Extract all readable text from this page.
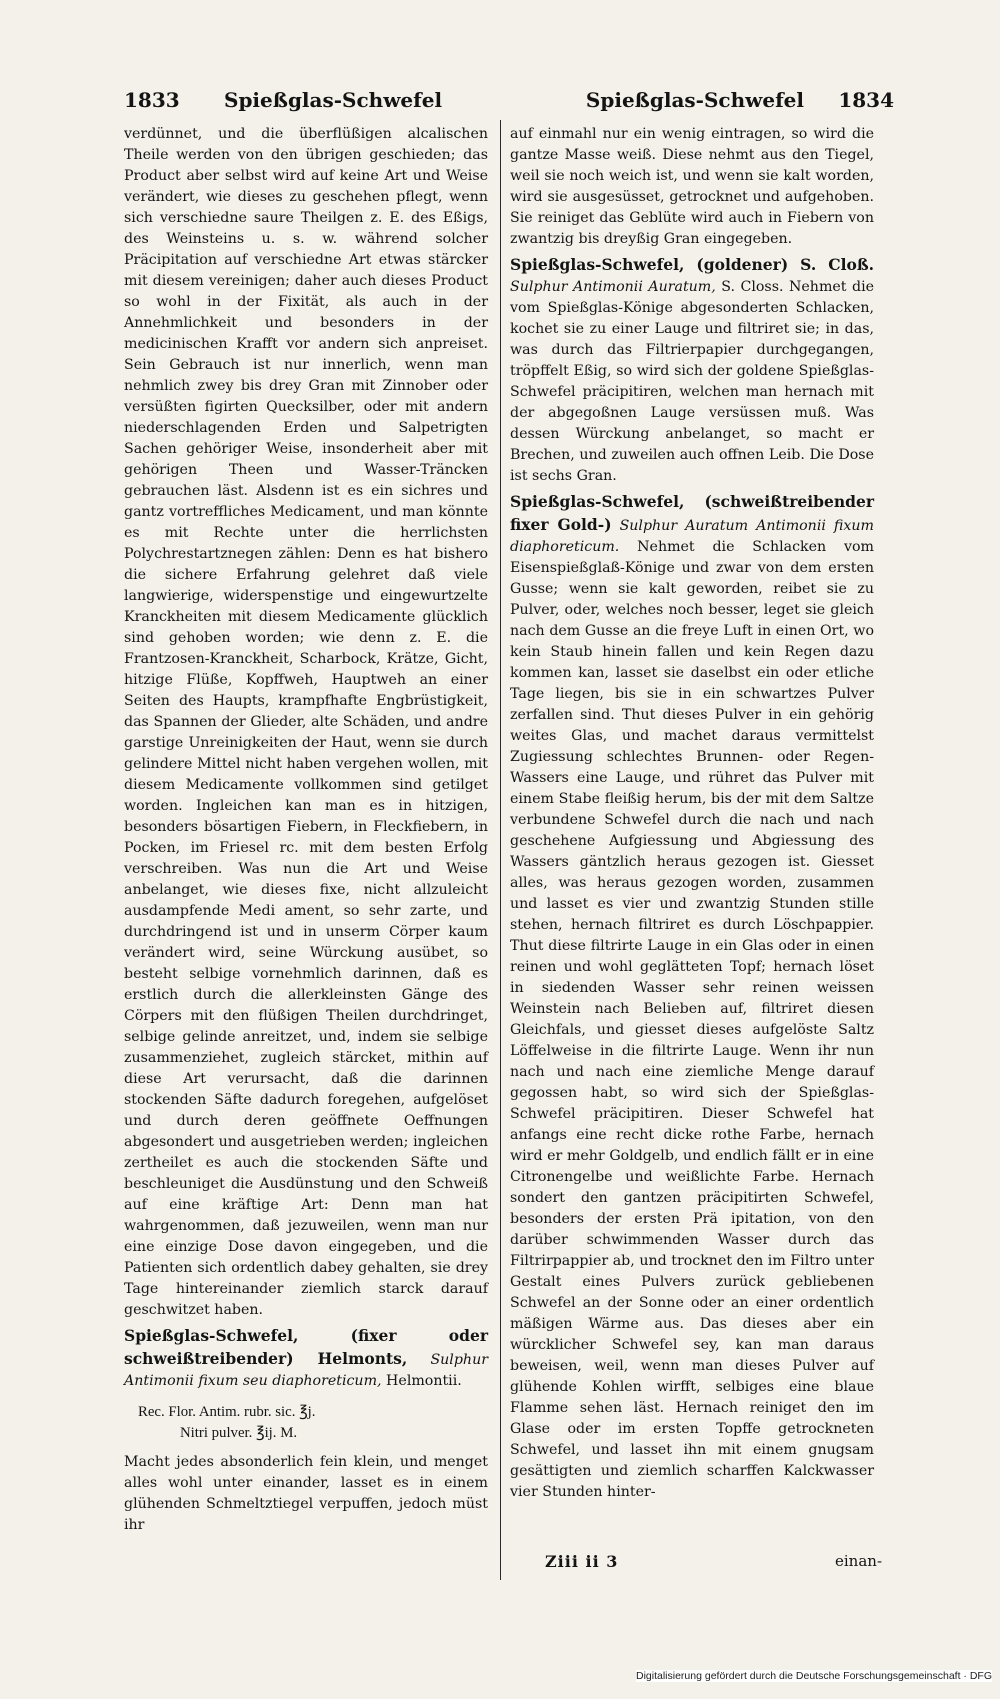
1833 Spießglas-Schwefel	Spießglas-Schwefel 1834

verdünnet, und die überflüßigen alcalischen Theile werden von den übrigen geschieden; das Product aber selbst wird auf keine Art und Weise verändert, wie dieses zu geschehen pflegt, wenn sich verschiedne saure Theilgen z. E. des Eßigs, des Weinsteins u. s. w. während solcher Präcipitation auf verschiedne Art etwas stärcker mit diesem vereinigen; daher auch dieses Product so wohl in der Fixität, als auch in der Annehmlichkeit und besonders in der medicinischen Krafft vor andern sich anpreiset. Sein Gebrauch ist nur innerlich, wenn man nehmlich zwey bis drey Gran mit Zinnober oder versüßten figirten Quecksilber, oder mit andern niederschlagenden Erden und Salpetrigten Sachen gehöriger Weise, insonderheit aber mit gehörigen Theen und Wasser-Träncken gebrauchen läst. Alsdenn ist es ein sichres und gantz vortreffliches Medicament, und man könnte es mit Rechte unter die herrlichsten Polychrestartznegen zählen: Denn es hat bishero die sichere Erfahrung gelehret daß viele langwierige, widerspenstige und eingewurtzelte Kranckheiten mit diesem Medicamente glücklich sind gehoben worden; wie denn z. E. die Frantzosen-Kranckheit, Scharbock, Krätze, Gicht, hitzige Flüße, Kopffweh, Hauptweh an einer Seiten des Haupts, krampfhafte Engbrüstigkeit, das Spannen der Glieder, alte Schäden, und andre garstige Unreinigkeiten der Haut, wenn sie durch gelindere Mittel nicht haben vergehen wollen, mit diesem Medicamente vollkommen sind getilget worden. Ingleichen kan man es in hitzigen, besonders bösartigen Fiebern, in Fleckfiebern, in Pocken, im Friesel rc. mit dem besten Erfolg verschreiben. Was nun die Art und Weise anbelanget, wie dieses fixe, nicht allzuleicht ausdampfende Medi ament, so sehr zarte, und durchdringend ist und in unserm Cörper kaum verändert wird, seine Würckung ausübet, so besteht selbige vornehmlich darinnen, daß es erstlich durch die allerkleinsten Gänge des Cörpers mit den flüßigen Theilen durchdringet, selbige gelinde anreitzet, und, indem sie selbige zusammenziehet, zugleich stärcket, mithin auf diese Art verursacht, daß die darinnen stockenden Säfte dadurch foregehen, aufgelöset und durch deren geöffnete Oeffnungen abgesondert und ausgetrieben werden; ingleichen zertheilet es auch die stockenden Säfte und beschleuniget die Ausdünstung und den Schweiß auf eine kräftige Art: Denn man hat wahrgenommen, daß jezuweilen, wenn man nur eine einzige Dose davon eingegeben, und die Patienten sich ordentlich dabey gehalten, sie drey Tage hintereinander ziemlich starck darauf geschwitzet haben.

Spießglas-Schwefel, (fixer oder schweißtreibender) Helmonts, Sulphur Antimonii fixum seu diaphoreticum, Helmontii.

Rec. Flor. Antim. rubr. sic. ℥j.
Nitri pulver. ℥ij. M.

Macht jedes absonderlich fein klein, und menget alles wohl unter einander, lasset es in einem glühenden Schmeltztiegel verpuffen, jedoch müst ihr

auf einmahl nur ein wenig eintragen, so wird die gantze Masse weiß. Diese nehmt aus den Tiegel, weil sie noch weich ist, und wenn sie kalt worden, wird sie ausgesüsset, getrocknet und aufgehoben. Sie reiniget das Geblüte wird auch in Fiebern von zwantzig bis dreyßig Gran eingegeben.

Spießglas-Schwefel, (goldener) S. Cloß. Sulphur Antimonii Auratum, S. Closs. Nehmet die vom Spießglas-Könige abgesonderten Schlacken, kochet sie zu einer Lauge und filtriret sie; in das, was durch das Filtrierpapier durchgegangen, tröpffelt Eßig, so wird sich der goldene Spießglas-Schwefel präcipitiren, welchen man hernach mit der abgegoßnen Lauge versüssen muß. Was dessen Würckung anbelanget, so macht er Brechen, und zuweilen auch offnen Leib. Die Dose ist sechs Gran.

Spießglas-Schwefel, (schweißtreibender fixer Gold-) Sulphur Auratum Antimonii fixum diaphoreticum. Nehmet die Schlacken vom Eisenspießglaß-Könige und zwar von dem ersten Gusse; wenn sie kalt geworden, reibet sie zu Pulver, oder, welches noch besser, leget sie gleich nach dem Gusse an die freye Luft in einen Ort, wo kein Staub hinein fallen und kein Regen dazu kommen kan, lasset sie daselbst ein oder etliche Tage liegen, bis sie in ein schwartzes Pulver zerfallen sind. Thut dieses Pulver in ein gehörig weites Glas, und machet daraus vermittelst Zugiessung schlechtes Brunnen- oder Regen-Wassers eine Lauge, und rühret das Pulver mit einem Stabe fleißig herum, bis der mit dem Saltze verbundene Schwefel durch die nach und nach geschehene Aufgiessung und Abgiessung des Wassers gäntzlich heraus gezogen ist. Giesset alles, was heraus gezogen worden, zusammen und lasset es vier und zwantzig Stunden stille stehen, hernach filtriret es durch Löschpappier. Thut diese filtrirte Lauge in ein Glas oder in einen reinen und wohl geglätteten Topf; hernach löset in siedenden Wasser sehr reinen weissen Weinstein nach Belieben auf, filtriret diesen Gleichfals, und giesset dieses aufgelöste Saltz Löffelweise in die filtrirte Lauge. Wenn ihr nun nach und nach eine ziemliche Menge darauf gegossen habt, so wird sich der Spießglas-Schwefel präcipitiren. Dieser Schwefel hat anfangs eine recht dicke rothe Farbe, hernach wird er mehr Goldgelb, und endlich fällt er in eine Citronengelbe und weißlichte Farbe. Hernach sondert den gantzen präcipitirten Schwefel, besonders der ersten Prä ipitation, von den darüber schwimmenden Wasser durch das Filtrirpappier ab, und trocknet den im Filtro unter Gestalt eines Pulvers zurück gebliebenen Schwefel an der Sonne oder an einer ordentlich mäßigen Wärme aus. Das dieses aber ein würcklicher Schwefel sey, kan man daraus beweisen, weil, wenn man dieses Pulver auf glühende Kohlen wirfft, selbiges eine blaue Flamme sehen läst. Hernach reiniget den im Glase oder im ersten Topffe getrockneten Schwefel, und lasset ihn mit einem gnugsam gesättigten und ziemlich scharffen Kalckwasser vier Stunden hinter-

Ziii ii 3	einan-
Digitalisierung gefördert durch die Deutsche Forschungsgemeinschaft · DFG
